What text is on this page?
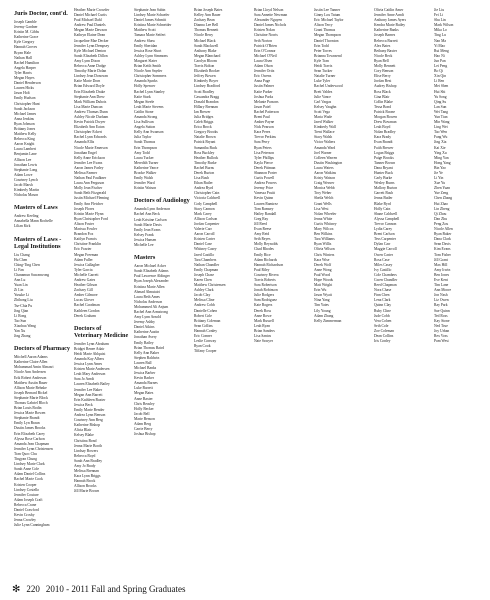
Juris Doctor, cont'd.
Joseph Gamble
Jeremy Gardner
Kristin M. Gibbs
Katherine Grace
Kyle Gregory
Hannah Groves
Bryan Hale
Nathan Hall
Rachel Hamilton
Angela Harper
Tyler Harris
Megan Hayes
Daniel Henderson
Lauren Hicks
Jason Holt
Emily Hudson
Christopher Hunt
Sarah Jackson
Michael James
Anna Jenkins
Ryan Johnson
Brittany Jones
Matthew Kelly
Rebecca King
Aaron Knight
Laura Lambert
Benjamin Lane
Allison Lee
Jonathan Lewis
Stephanie Long
Adam Lowe
Courtney Lynch
Jacob Marsh
Kimberly Martin
Nicholas Mason
Masters of Laws
Andrew Keeling
Annabella Mann Rochelle
Lilian Kirk
Masters of Laws - Legal Institutions
Liu Chang
Hu Chen
Ching-Ting Chen
Li Fan
Chanamun Suwanwong
Ann Lu
Yuan Lin
Zi Lin
Yusuke Li
Zhihong Liu
Tse-Chia Pu
Jing Qian
Li Rong
Tao Sun
Xiaohua Wang
Yan Xu
Jing Zhang
Doctors of Pharmacy
Mitchell Aaron Adams
Katherine Claire Allen
Mohammad Amin Almasri
Nicole Ann Andersen
Erik Robert Anderson
Matthew Austin Bauer
Allison Marie Behnke
Joseph Bernard Bickel
Stephanie Marie Block
Thomas Gabriel Bloch
Brian Louis Bodin
Jessica Marie Bowen
Stephanie Brandt
Emily Lyn Braun
Dustin James Brooks
Erin Elizabeth Carey
Alyssa Rose Carlson
Amanda Jean Chapman
Jennifer Lynn Christensen
Tran Quoc Chu
Tingyan Chung
Lindsey Marie Clark
Sarah Anne Cole
Adam Daniel Collins
Rachel Marie Cook
Kristen Cooper
Lindsey Costello
Jennifer Couture
Adam Joseph Craft
Rebecca Crane
Daniel Crawford
Kevin Crosby
Jenna Crowley
Julie Lynn Cunningham
Heather Marie Crowder
Daniel Michael Curtis
Paul Michael Dahl
Andrew Paul Daniels
Megan Marie Dawson
Kathryn Elaine Dean
Jacqueline Mae Decker
Jennifer Lynn Dempsey
Kyle Michael Denton
Sarah Elizabeth Dillon
Amy Lynn Dixon
Rebecca Anne Dodge
Timothy Marie Dolan
Lindsey Jean Donovan
Katie Marie Dorn
Brian Edward Doyle
Erin Elizabeth Drake
Stephanie Ann Drew
Mark William Dubois
Lisa Marie Duncan
Andrew Thomas Dunn
Ashley Nicole Durham
Kevin Patrick Dwyer
Elizabeth Ann Eaton
Christopher Eckert
Rachel Lynn Edwards
Amanda Ellis
Nicole Marie Emerson
Jonathan Engel
Kelly Anne Erickson
Jennifer Lee Evans
Aaron James Farley
Melissa Farmer
Nathan Paul Faulkner
Laura Ann Ferguson
Molly Jean Fischer
Sarah Beth Fitzgerald
Justin Michael Fleming
Emily Ann Fletcher
Joseph Flores
Kristin Marie Flynn
Ryan Christopher Ford
Alison Foster
Marissa Fowler
Brandon Fox
Kaitlyn Francis
Christine Franklin
Eric Frazier
Megan Freeman
Adam Fuller
Jessica Gallagher
Tyler Garcia
Michelle Garrett
Andrew Gates
Heather Gibson
Zachary Gill
Amber Gilmore
Lucas Glover
Rachel Goodman
Kathleen Gordon
Derek Graham
Doctors of Veterinary Medicine
Jennifer Lynn Abraham
Bridget Renee Adair
Heidi Marie Ahlquist
Amanda Kay Albers
Jessica Lynn Ames
Kristen Marie Andersen
Leah Mary Anderson
Sara Jo Arndt
Lauren Elizabeth Bailey
Jennifer Lee Baker
Megan Ann Barrett
Erin Kathleen Baxter
Jessica Beck
Emily Marie Bender
Andrea Lynn Benson
Courtney Ann Berg
Katherine Bishop
Alicia Blair
Kelsey Blake
Christina Bond
Jenna Marie Booth
Lindsay Bowers
Rebecca Boyd
Sarah Ann Bradley
Amy Jo Brady
Melissa Brennan
Kara Lynn Briggs
Hannah Brock
Allison Brooks
Jill Marie Brown
Stephanie Jean Sabin
Lindsey Marie Schaefer
Daniel James Schmitt
Kristina Marie Schneider
Matthew Scott
Tamara Marie Seifert
Andrew Shaw
Emily Sheridan
Jessica Rose Short
Ashley Lynn Simmons
Margaret Slater
Brian Keith Smith
Nicole Ann Snyder
Christopher Sommers
Amanda Sparks
Holly Spencer
Rachel Lynn Stanley
Katie Stark
Megan Steele
Leah Marie Stevens
Caitlin Stone
Amanda Strong
Lisa Sullivan
Angela Sutton
Kelly Ann Swanson
Julia Taylor
Sarah Thomas
Erin Thompson
Amy Todd
Laura Tucker
Meredith Turner
Katherine Vance
Brooke Walker
Emily Walsh
Jennifer Ward
Kristin Watson
Doctors of Audiology
Amanda Lynn Anderson
Rachel Ann Beck
Leah Kristine Carlson
Sarah Marie Davis
Emily Jean Evans
Kelsey Frank
Jessica Hansen
Michelle Lee
Masters
Aaron Michael Acker
Sarah Elizabeth Adams
Paul Lawrence Aldinger
Ryan Joseph Alexander
Kristina Marie Allen
Ahmad Almutairi
Laura Beth Ames
Nicholas Anderson
Mohammed Ali Anjum
Rachel Ann Armstrong
Amy Lynn Arnold
Jeremy Ashby
Daniel Atkins
Katherine Austin
Jonathan Avery
Emily Bailey
Brian Thomas Baird
Kelly Ann Baker
Stephen Baldwin
Lauren Ball
Michael Banks
Jessica Barber
Kevin Barker
Amanda Barnes
Luke Barrett
Megan Bates
Anne Baxter
Chris Beasley
Holly Becker
Jacob Bell
Marie Benson
Adam Berg
Carrie Berry
Joshua Bishop
Brian Joseph Bates
Kelley Ann Bauer
Zachary Bean
Dianna Lee Bell
Thomas Bennett
Nicole Berry
Michael Black
Sarah Blackwell
Anthony Blake
Megan Blanchard
Carolyn Bloom
Travis Bolton
Elizabeth Booker
Jeffrey Bowen
Kimberly Boyer
Lindsey Bradford
Scott Bradley
Cassandra Bragg
Donald Brandon
Hillary Brennan
Ian Brewer
Julia Bridges
Caleb Briggs
Erica Brock
Gregory Brooks
Natalie Brown
Patrick Bryant
Samantha Buck
Ross Buckley
Heather Bullock
Timothy Burke
Rachel Burns
Derek Burton
Lisa Bush
Ethan Butler
Andrea Byrd
Christopher Cain
Victoria Caldwell
Cody Campbell
Stacy Cannon
Mark Carey
Allison Carlson
Jordan Carpenter
Valerie Carr
Aaron Carroll
Kristen Carter
Daniel Case
Whitney Casey
Jared Castillo
Tara Chambers
Nathan Chandler
Emily Chapman
Joseph Chase
Karen Chen
Matthew Christensen
Ashley Clark
Jacob Clay
Melissa Cline
Andrew Cobb
Danielle Cohen
Robert Cole
Brittany Coleman
Sean Collins
Hannah Conley
Eric Conner
Leslie Conway
Ryan Cook
Tiffany Cooper
Brian Lloyd Nelson
Sara Annette Newman
Alexander Nguyen
Daniel James Nichols
Kristen Nolan
Christine Norris
Seth Norton
Patrick O'Brien
Erin O'Connor
Michael O'Neil
Laura Olsen
Adam Olson
Jennifer Ortiz
Eric Owens
Anna Page
Justin Palmer
Katie Parker
Joshua Parks
Melanie Parsons
Jason Patel
Rachel Patterson
Brent Paul
Amber Payne
Nick Pearson
Kara Perez
Trevor Perkins
Sara Perry
Ryan Peters
Lisa Peterson
Tyler Phillips
Kayla Pierce
Derek Pittman
Shannon Porter
Curtis Powell
Andrea Powers
Jeremy Price
Vanessa Pruitt
Kevin Quinn
Lauren Ramirez
Tom Ramsey
Hailey Randall
Greg Ray
Jill Reed
Evan Reese
Amy Reid
Seth Reyes
Molly Reynolds
Chad Rhodes
Emily Rice
Adam Richards
Hannah Richardson
Paul Riley
Courtney Rivera
Travis Roberts
Sara Robertson
Jonah Robinson
Julie Rodgers
Sam Rodriguez
Kate Rogers
Derek Ross
Anne Rowe
Mark Russell
Leah Ryan
Brian Sanders
Lisa Santos
Nate Sawyer
Justin Lee Tanner
Ginny Lou Tatum
Eric Michael Taylor
Alison Terry
Grant Thomas
Megan Thompson
Daniel Thornton
Erin Todd
Peter Torres
Brianna Townsend
Kyle Tran
Heidi Travis
Sean Tucker
Natalie Turner
Luke Tyler
Rachel Underwood
Brett Valdez
Julie Vance
Carl Vargas
Kelsey Vaughn
Scott Vega
Maria Wade
Jared Walker
Kimberly Wall
Trent Wallace
Stacy Walsh
Victor Walters
Amanda Ward
Joel Warner
Colleen Warren
Dustin Washington
Laura Waters
Aaron Watkins
Kristy Watson
Craig Weaver
Monica Webb
Troy Weber
Sheila Welch
Grant Wells
Lisa West
Nolan Wheeler
Jenna White
Curtis Whitney
Mary Wilcox
Ben Wilkins
Tara Williams
Ryan Willis
Olivia Wilson
Chris Winters
Kara Wise
Derek Wolf
Anne Wong
Paul Wood
Hope Woods
Matt Wright
Erin Wu
Jason Wyatt
Nina Yang
Tim Yates
Lily Young
Adam Zhang
Kelly Zimmerman
Olivia Caitlin Amer
Jennifer Anne Arndt
Anthony James Ayers
Kendra Marie Bailey
Katherine Banks
Joseph Barnes
Rebecca Barrett
Alex Bates
Bethany Baxter
Nicole Beck
Ryan Bell
Molly Bennett
Cory Benson
Elise Berry
Jordan Best
Audrey Bishop
Ross Black
Gina Blair
Collin Blake
Tessa Bond
Patrick Boone
Morgan Bowen
Drew Bowman
Leah Boyd
Nolan Bradley
Kara Brady
Evan Brandt
Faith Brewer
Logan Briggs
Paige Brooks
Tanner Brown
Dana Bryant
Hunter Buck
Carly Burke
Wesley Burns
Mallory Burton
Garrett Bush
Jenna Butler
Blake Byrd
Holly Cain
Shane Caldwell
Alyssa Campbell
Trevor Cannon
Lydia Carey
Brent Carlson
Tess Carpenter
Dylan Carr
Maggie Carroll
Owen Carter
Rosa Case
Miles Casey
Ivy Castillo
Cole Chambers
Gwen Chandler
Reed Chapman
Nora Chase
Finn Chen
Lena Clark
Quinn Clay
Ruby Cline
Jude Cobb
Vera Cohen
Seth Cole
Zoe Coleman
Dean Collins
Iris Conley
Jie Liu
Fei Li
Shu Lin
Mark Wilson
Mika Lo
Ting Lu
Nan Ma
Yi Mao
Rui Meng
Hao Ni
Jun Pan
Lei Peng
Bo Qi
Xin Qin
Li Ren
Mei Shen
Hui Shi
Yu Song
Qing Su
Lan Sun
Wei Tang
Yun Tian
Min Wang
Ling Wei
Tao Wen
Fang Wu
Jing Xia
Kai Xie
Ying Xu
Ming Yan
Hong Yang
Bin Yao
Jie Ye
Li Yin
Xue Yu
Zhen Yuan
Yue Zeng
Chen Zhang
Hui Zhao
Lin Zheng
Qi Zhou
Dan Zhu
Peng Zou
Nicole Allen
Ryan Baker
Dana Clark
Sean Davis
Kim Evans
Tom Fisher
Jill Grant
Max Hill
Amy Irwin
Ben Jones
Eve Kent
Tim Lane
Ann Moore
Jon Nash
Liz Owen
Ray Park
Sue Quinn
Ted Ross
Kay Stone
Ned True
Joy Urban
Rex Voss
Pam West
✻ 220 2010 - 2011 Fall and Spring Graduates
